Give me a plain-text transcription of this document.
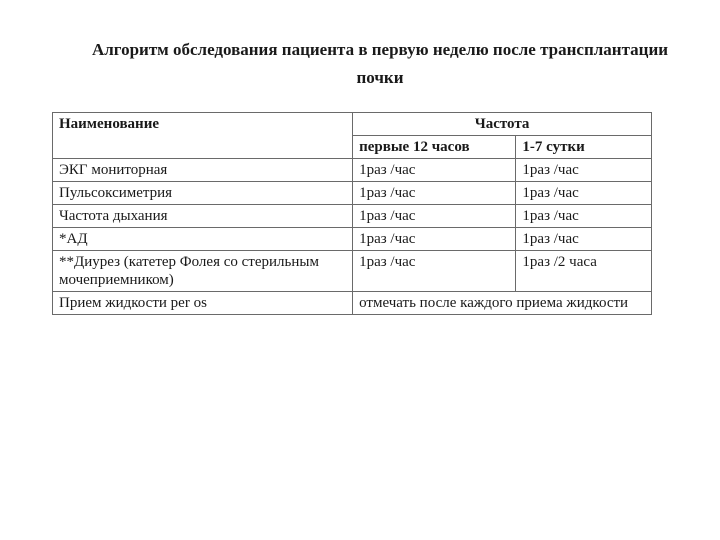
Алгоритм обследования пациента в первую неделю после трансплантации
почки
Наименование	Частота	
	первые 12 часов	1-7 сутки
ЭКГ мониторная	1раз /час	1раз /час
Пульсоксиметрия	1раз /час	1раз /час
Частота дыхания	1раз /час	1раз /час
*АД	1раз /час	1раз /час
**Диурез (катетер Фолея со стерильным мочеприемником)	1раз /час	1раз /2 часа
Прием жидкости per os	отмечать после каждого приема жидкости	
